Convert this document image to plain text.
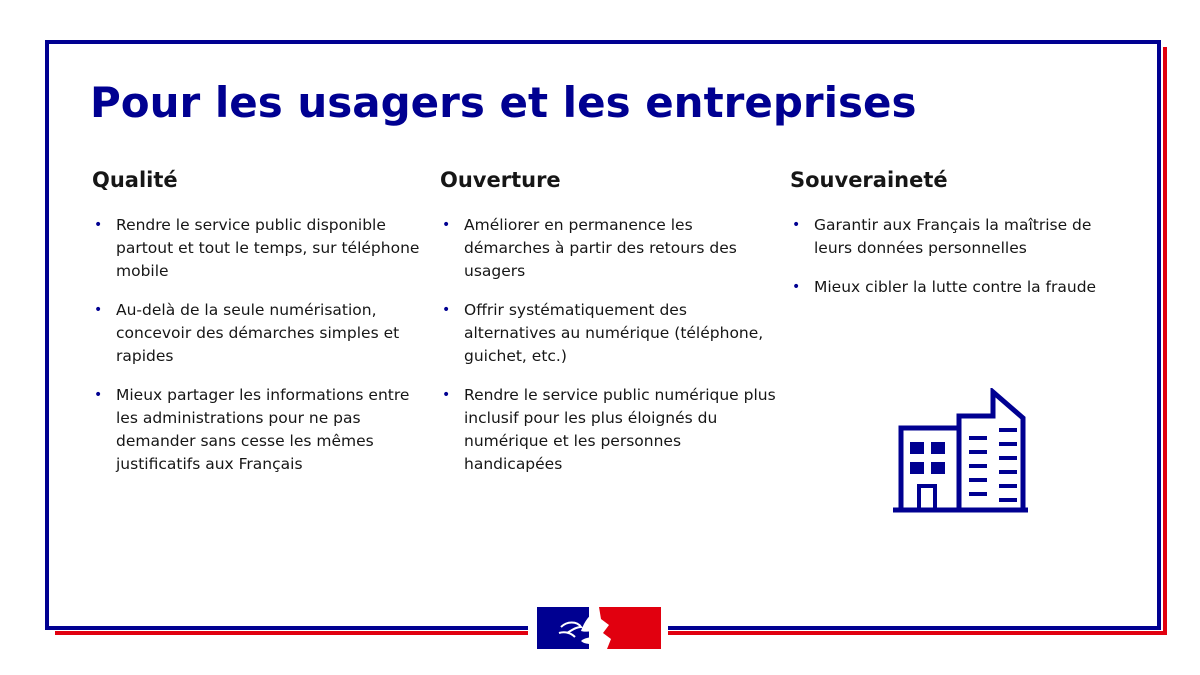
Pour les usagers et les entreprises
Qualité
• Rendre le service public disponible partout et tout le temps, sur téléphone mobile
• Au-delà de la seule numérisation, concevoir des démarches simples et rapides
• Mieux partager les informations entre les administrations pour ne pas demander sans cesse les mêmes justificatifs aux Français
Ouverture
• Améliorer en permanence les démarches à partir des retours des usagers
• Offrir systématiquement des alternatives au numérique (téléphone, guichet, etc.)
• Rendre le service public numérique plus inclusif pour les plus éloignés du numérique et les personnes handicapées
Souveraineté
• Garantir aux Français la maîtrise de leurs données personnelles
• Mieux cibler la lutte contre la fraude
